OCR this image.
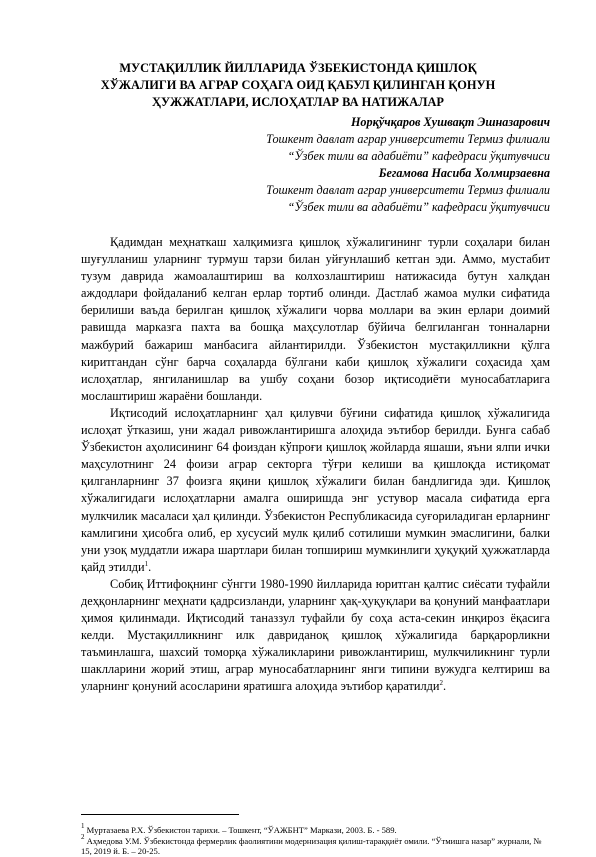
МУСТАҚИЛЛИК ЙИЛЛАРИДА ЎЗБЕКИСТОНДА ҚИШЛОҚ
ХЎЖАЛИГИ ВА АГРАР СОҲАГА ОИД ҚАБУЛ ҚИЛИНГАН ҚОНУН
ҲУЖЖАТЛАРИ, ИСЛОҲАТЛАР ВА НАТИЖАЛАР
Норқўчқаров Хушвақт Эшназарович
Тошкент давлат аграр университети Термиз филиали
“Ўзбек тили ва адабиёти” кафедраси ўқитувчиси
Бегамова Насиба Холмирзаевна
Тошкент давлат аграр университети Термиз филиали
“Ўзбек тили ва адабиёти” кафедраси ўқитувчиси

Қадимдан меҳнаткаш халқимизга қишлоқ хўжалигининг турли соҳалари билан шуғулланиш уларнинг турмуш тарзи билан уйғунлашиб кетган эди. Аммо, мустабит тузум даврида жамоалаштириш ва колхозлаштириш натижасида бутун халқдан аждодлари фойдаланиб келган ерлар тортиб олинди. Дастлаб жамоа мулки сифатида берилиши ваъда берилган қишлоқ хўжалиги чорва моллари ва экин ерлари доимий равишда марказга пахта ва бошқа маҳсулотлар бўйича белгиланган тонналарни мажбурий бажариш манбасига айлантирилди. Ўзбекистон мустақилликни қўлга киритгандан сўнг барча соҳаларда бўлгани каби қишлоқ хўжалиги соҳасида ҳам ислоҳатлар, янгиланишлар ва ушбу соҳани бозор иқтисодиёти муносабатларига мослаштириш жараёни бошланди.

Иқтисодий ислоҳатларнинг ҳал қилувчи бўғини сифатида қишлоқ хўжалигида ислоҳат ўтказиш, уни жадал ривожлантиришга алоҳида эътибор берилди. Бунга сабаб Ўзбекистон аҳолисининг 64 фоиздан кўпроғи қишлоқ жойларда яшаши, яъни ялпи ички маҳсулотнинг 24 фоизи аграр секторга тўғри келиши ва қишлоқда истиқомат қилганларнинг 37 фоизга яқини қишлоқ хўжалиги билан бандлигида эди. Қишлоқ хўжалигидаги ислоҳатларни амалга оширишда энг устувор масала сифатида ерга мулкчилик масаласи ҳал қилинди. Ўзбекистон Республикасида суғориладиган ерларнинг камлигини ҳисобга олиб, ер хусусий мулк қилиб сотилиши мумкин эмаслигини, балки уни узоқ муддатли ижара шартлари билан топшириш мумкинлиги ҳуқуқий ҳужжатларда қайд этилди$^1$.

Собиқ Иттифоқнинг сўнгги 1980-1990 йилларида юритган қалтис сиёсати туфайли деҳқонларнинг меҳнати қадрсизланди, уларнинг ҳақ-ҳуқуқлари ва қонуний манфаатлари ҳимоя қилинмади. Иқтисодий таназзул туфайли бу соҳа аста-секин инқироз ёқасига келди. Мустақилликнинг илк давриданоқ қишлоқ хўжалигида барқарорликни таъминлашга, шахсий томорқа хўжаликларини ривожлантириш, мулкчиликнинг турли шаклларини жорий этиш, аграр муносабатларнинг янги типини вужудга келтириш ва уларнинг қонуний асосларини яратишга алоҳида эътибор қаратилди$^2$.

$^1$ Муртазаева Р.Х. Ўзбекистон тарихи. – Тошкент, “ЎАЖБНТ” Маркази, 2003. Б. - 589.
$^2$ Аҳмедова У.М. Ўзбекистонда фермерлик фаолиятини модернизация қилиш-тараққиёт омили. “Ўтмишга назар” журнали, № 15, 2019 й. Б. – 20-25.
